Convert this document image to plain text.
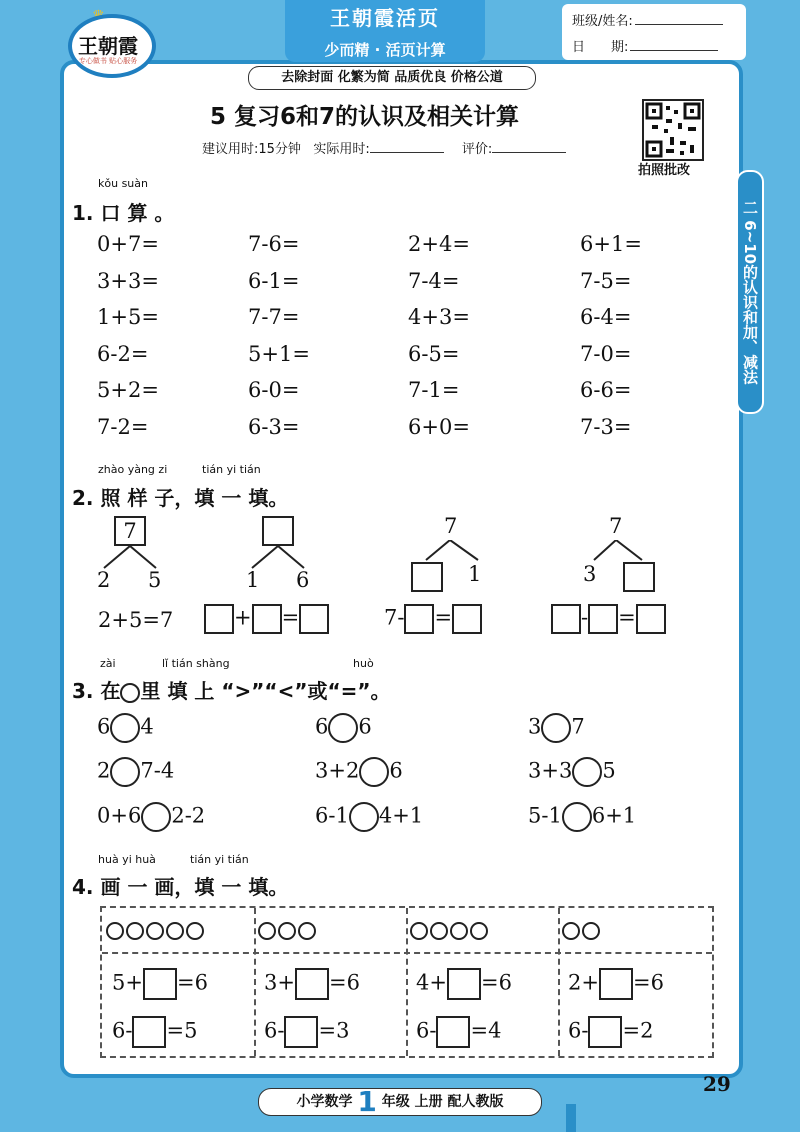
王朝霞
专心做书 贴心服务
王朝霞活页
少而精 · 活页计算
班级/姓名:
日　　期:
去除封面 化繁为简 品质优良 价格公道
5 复习6和7的认识及相关计算
建议用时:15分钟 实际用时:	评价:
拍照批改
二 6~10的认识和加、减法
kǒu suàn
1. 口 算 。
0+7=	7-6=	2+4=	6+1=
3+3=	6-1=	7-4=	7-5=
1+5=	7-7=	4+3=	6-4=
6-2=	5+1=	6-5=	7-0=
5+2=	6-0=	7-1=	6-6=
7-2=	6-3=	6+0=	7-3=
zhào yàng zi	tián yi tián
2. 照 样 子，填 一 填。
7
2 5	1 6
7
1
7
3
2+5=7	+ =	7- =	- =
zài	lǐ tián shàng	huò
3. 在 里 填 上 “>”“<”或“=”。
6 4	6 6	3 7
2 7-4	3+2 6	3+3 5
0+6 2-2	6-1 4+1	5-1 6+1
huà yi huà	tián yi tián
4. 画 一 画，填 一 填。
5+ =6	3+ =6	4+ =6	2+ =6
6- =5	6- =3	6- =4	6- =2
小学数学 1 年级 上册 配人教版
29
